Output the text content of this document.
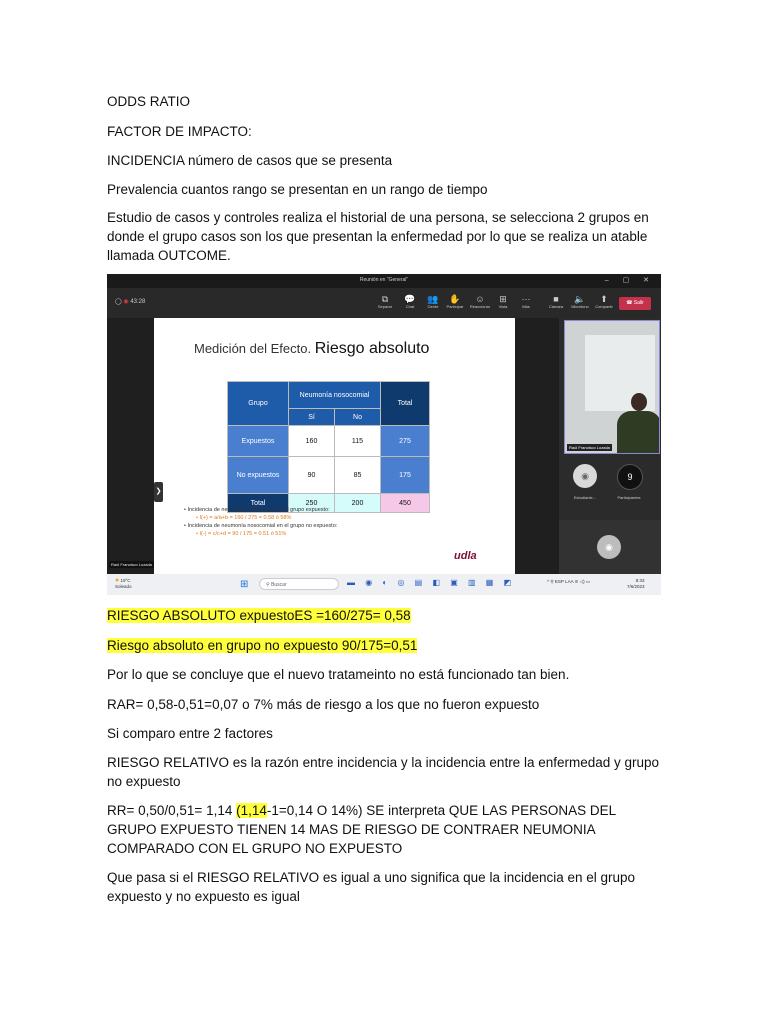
ODDS RATIO

FACTOR DE IMPACTO:

INCIDENCIA número de casos que se presenta

Prevalencia cuantos rango se presentan en un rango de tiempo

Estudio de casos y controles realiza el historial de una persona, se selecciona 2 grupos en donde el grupo casos son los que presentan la enfermedad por lo que se realiza un atable llamada OUTCOME.

Reunión en "General"	– ▢ ✕
◯ ◉ 43:28	⧉
Separar
💬
Chat
👥
Gente
✋
Participar
☺
Reaccionar
⊞
Vista
···
Más
■
Cámara
🔈
Micrófono
⬆
Compartir
☎ Salir
Medición del Efecto. Riesgo absoluto
Grupo	Neumonía nosocomial		Total
	Sí	No	
Expuestos	160	115	275
No expuestos	90	85	175
Total	250	200	450
• Incidencia de neumonía nosocomial en el grupo expuesto:
• I(+) = a/a+b = 160 / 275 = 0.58 ó 58%
• Incidencia de neumonía nosocomial en el grupo no expuesto:
• I(-) = c/c+d = 90 / 175 = 0.51 ó 51%
udla
❯
Raúl Francisco Lozada
Raúl Francisco Lozada
◉	9
Estudiante...	Participantes
◉
● 19°C
Soleado	⊞	⚲ Buscar	▬ ◉ ◐ ◎ ▤ ◧ ▣ ▥ ▦ ◩	^ ⚲ ESP LAA ≋ ◁) ▭	8:33
7/6/2023

RIESGO ABSOLUTO expuestoES =160/275= 0,58

Riesgo absoluto en grupo no expuesto 90/175=0,51

Por lo que se concluye que el nuevo tratameinto no está funcionado tan bien.

RAR= 0,58-0,51=0,07 o 7% más de riesgo a los que no fueron expuesto

Si comparo entre 2 factores

RIESGO RELATIVO es la razón entre incidencia y la incidencia entre la enfermedad y grupo no expuesto

RR= 0,50/0,51= 1,14 (1,14-1=0,14 O 14%) SE interpreta QUE LAS PERSONAS DEL GRUPO EXPUESTO TIENEN 14 MAS DE RIESGO DE CONTRAER NEUMONIA COMPARADO CON EL GRUPO NO EXPUESTO

Que pasa si el RIESGO RELATIVO es igual a uno significa que la incidencia en el grupo expuesto y no expuesto es igual
